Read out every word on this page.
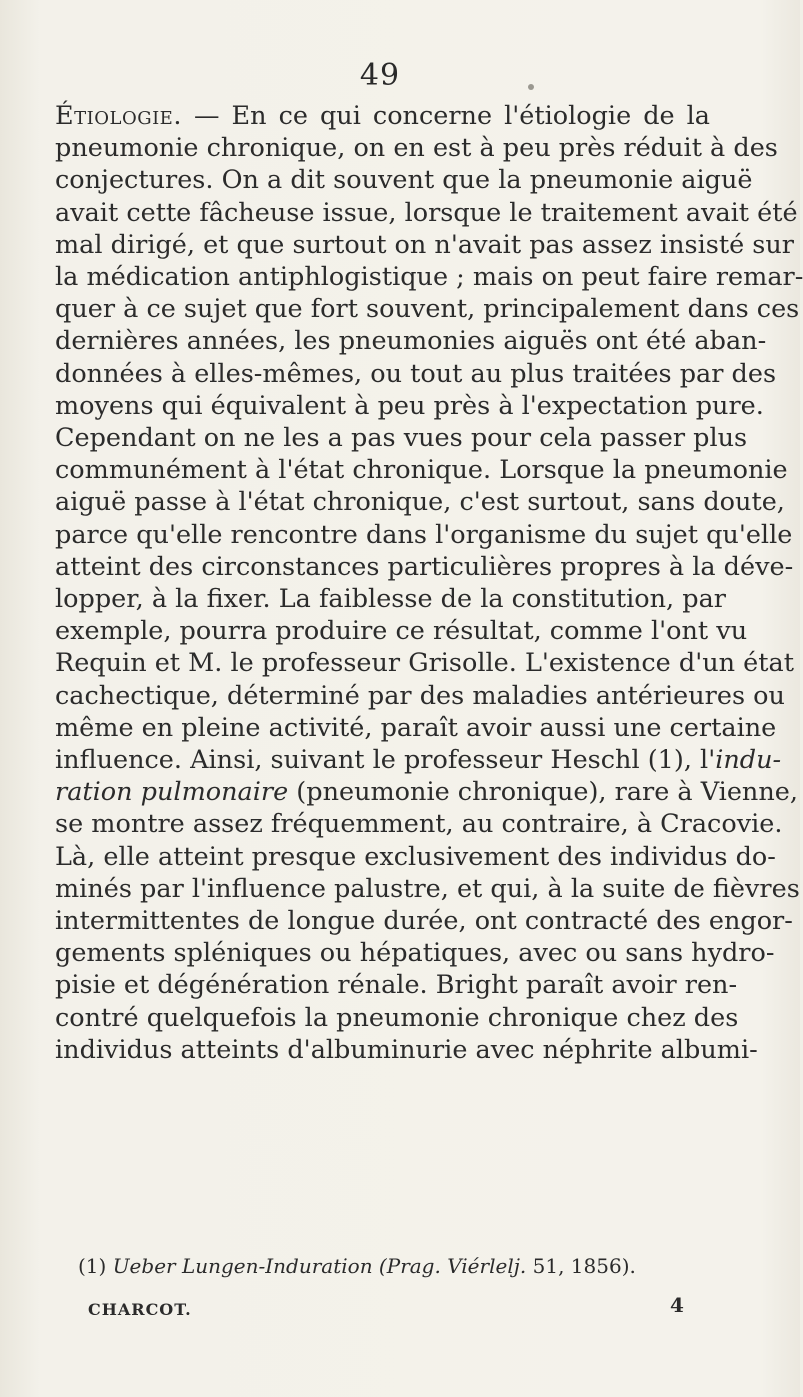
49
Étiologie. — En ce qui concerne l'étiologie de la
pneumonie chronique, on en est à peu près réduit à des
conjectures. On a dit souvent que la pneumonie aiguë
avait cette fâcheuse issue, lorsque le traitement avait été
mal dirigé, et que surtout on n'avait pas assez insisté sur
la médication antiphlogistique ; mais on peut faire remar-
quer à ce sujet que fort souvent, principalement dans ces
dernières années, les pneumonies aiguës ont été aban-
données à elles-mêmes, ou tout au plus traitées par des
moyens qui équivalent à peu près à l'expectation pure.
Cependant on ne les a pas vues pour cela passer plus
communément à l'état chronique. Lorsque la pneumonie
aiguë passe à l'état chronique, c'est surtout, sans doute,
parce qu'elle rencontre dans l'organisme du sujet qu'elle
atteint des circonstances particulières propres à la déve-
lopper, à la fixer. La faiblesse de la constitution, par
exemple, pourra produire ce résultat, comme l'ont vu
Requin et M. le professeur Grisolle. L'existence d'un état
cachectique, déterminé par des maladies antérieures ou
même en pleine activité, paraît avoir aussi une certaine
influence. Ainsi, suivant le professeur Heschl (1), l'indu-
ration pulmonaire (pneumonie chronique), rare à Vienne,
se montre assez fréquemment, au contraire, à Cracovie.
Là, elle atteint presque exclusivement des individus do-
minés par l'influence palustre, et qui, à la suite de fièvres
intermittentes de longue durée, ont contracté des engor-
gements spléniques ou hépatiques, avec ou sans hydro-
pisie et dégénération rénale. Bright paraît avoir ren-
contré quelquefois la pneumonie chronique chez des
individus atteints d'albuminurie avec néphrite albumi-
(1) Ueber Lungen-Induration (Prag. Viérlelj. 51, 1856).
CHARCOT.	4
